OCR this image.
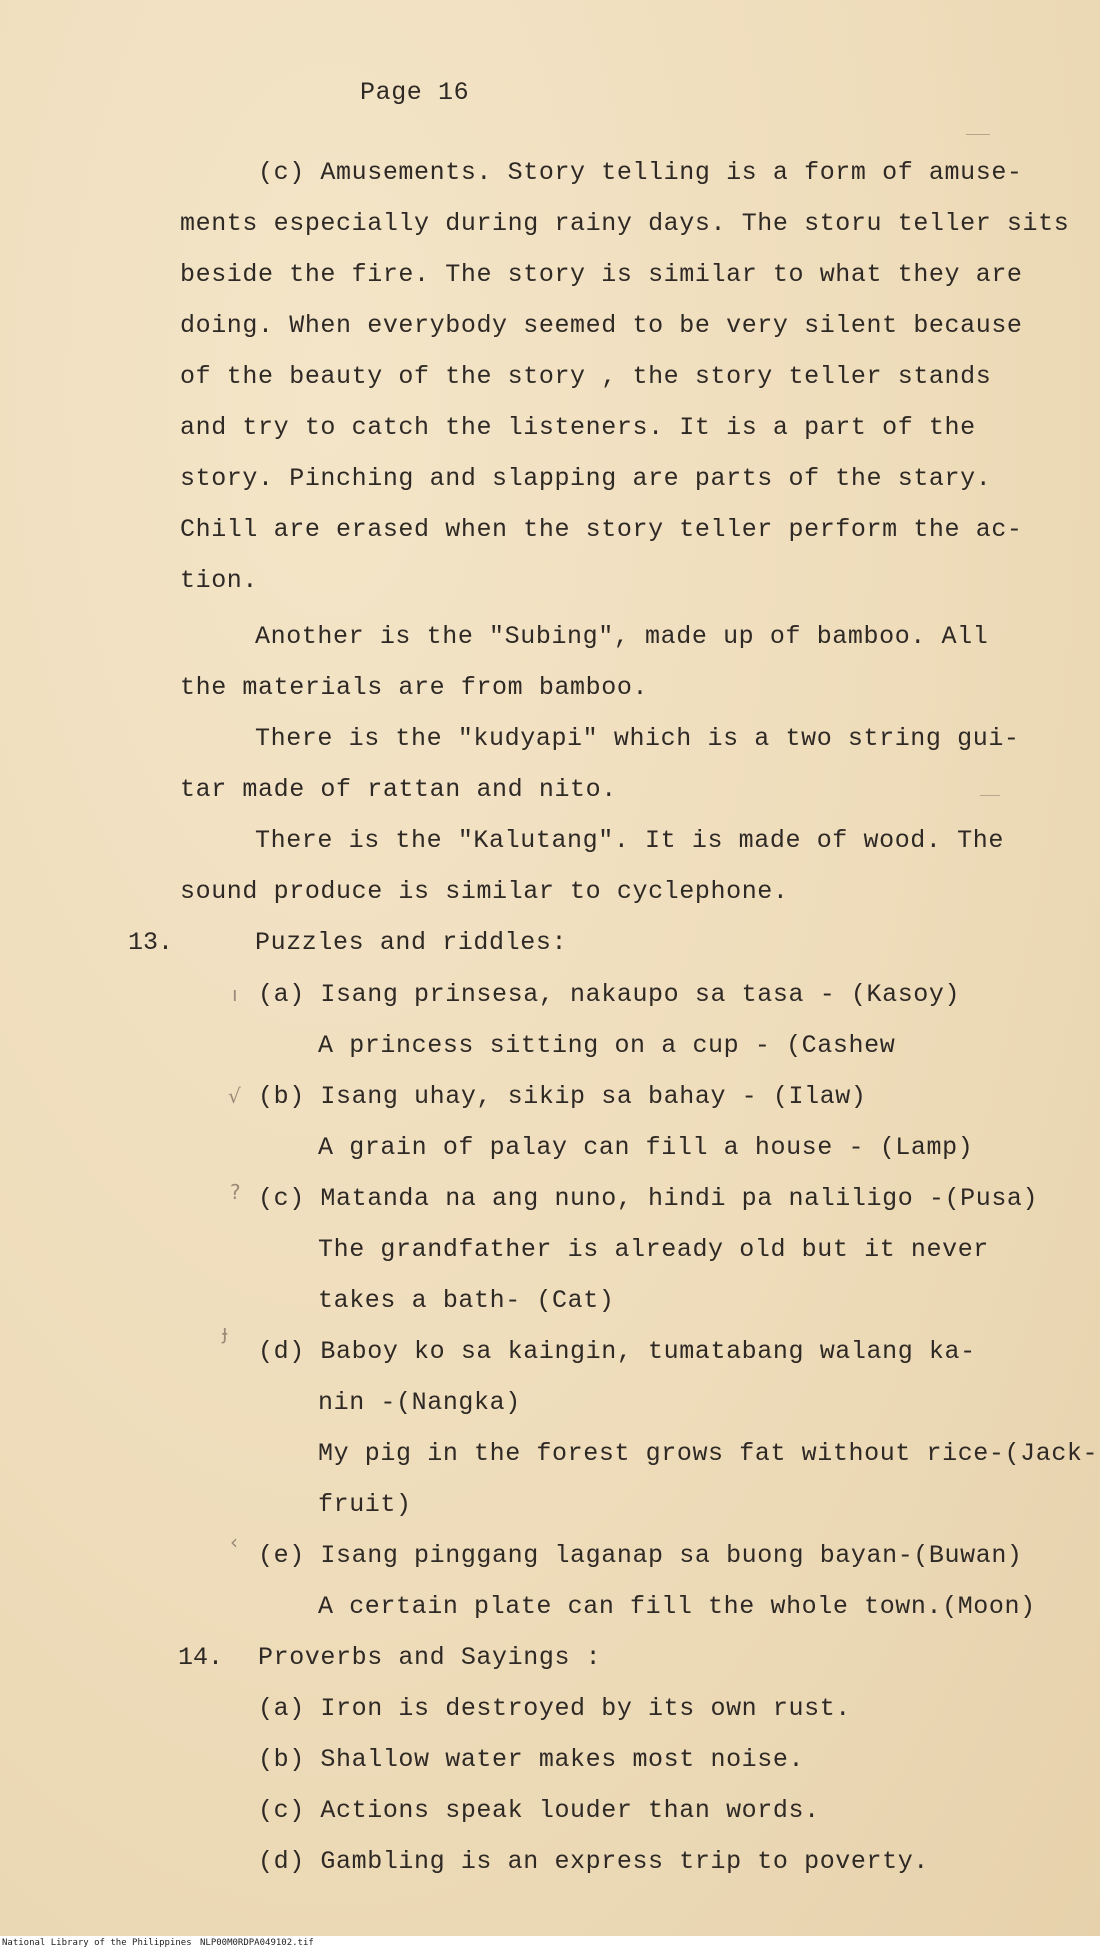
Page 16
(c) Amusements. Story telling is a form of amuse-
ments especially during rainy days. The storu teller sits
beside the fire. The story is similar to what they are
doing. When everybody seemed to be very silent because
of the beauty of the story , the story teller stands
and try to catch the listeners. It is a part of the
story. Pinching and slapping are parts of the stary.
Chill are erased when the story teller perform the ac-
tion.
Another is the "Subing", made up of bamboo. All
the materials are from bamboo.
There is the "kudyapi" which is a two string gui-
tar made of rattan and nito.
There is the "Kalutang". It is made of wood. The
sound produce is similar to cyclephone.
13.	Puzzles and riddles:
(a) Isang prinsesa, nakaupo sa tasa - (Kasoy)
A princess sitting on a cup - (Cashew
(b) Isang uhay, sikip sa bahay - (Ilaw)
A grain of palay can fill a house - (Lamp)
(c) Matanda na ang nuno, hindi pa naliligo -(Pusa)
The grandfather is already old but it never
takes a bath- (Cat)
(d) Baboy ko sa kaingin, tumatabang walang ka-
nin -(Nangka)
My pig in the forest grows fat without rice-(Jack-
fruit)
(e) Isang pinggang laganap sa buong bayan-(Buwan)
A certain plate can fill the whole town.(Moon)
14. Proverbs and Sayings :
(a) Iron is destroyed by its own rust.
(b) Shallow water makes most noise.
(c) Actions speak louder than words.
(d) Gambling is an express trip to poverty.
ı
√
?
ɟ
‹
National Library of the Philippines NLP00M0RDPA049102.tif
